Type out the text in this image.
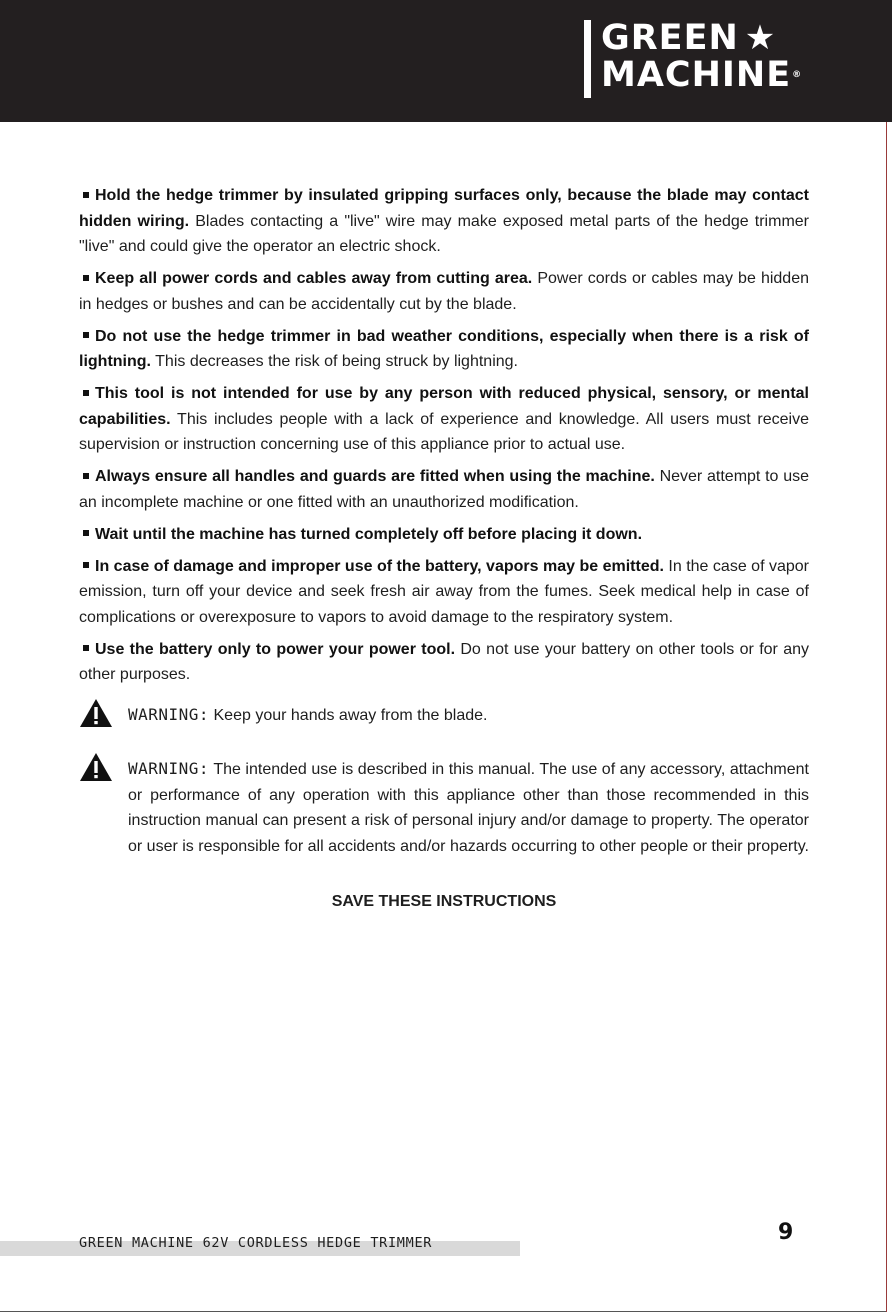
GREEN ★
MACHINE®

Hold the hedge trimmer by insulated gripping surfaces only, because the blade may contact hidden wiring. Blades contacting a "live" wire may make exposed metal parts of the hedge trimmer "live" and could give the operator an electric shock.

Keep all power cords and cables away from cutting area. Power cords or cables may be hidden in hedges or bushes and can be accidentally cut by the blade.

Do not use the hedge trimmer in bad weather conditions, especially when there is a risk of lightning. This decreases the risk of being struck by lightning.

This tool is not intended for use by any person with reduced physical, sensory, or mental capabilities. This includes people with a lack of experience and knowledge. All users must receive supervision or instruction concerning use of this appliance prior to actual use.

Always ensure all handles and guards are fitted when using the machine. Never attempt to use an incomplete machine or one fitted with an unauthorized modification.

Wait until the machine has turned completely off before placing it down.

In case of damage and improper use of the battery, vapors may be emitted. In the case of vapor emission, turn off your device and seek fresh air away from the fumes. Seek medical help in case of complications or overexposure to vapors to avoid damage to the respiratory system.

Use the battery only to power your power tool. Do not use your battery on other tools or for any other purposes.

WARNING: Keep your hands away from the blade.
WARNING: The intended use is described in this manual. The use of any accessory, attachment or performance of any operation with this appliance other than those recommended in this instruction manual can present a risk of personal injury and/or damage to property. The operator or user is responsible for all accidents and/or hazards occurring to other people or their property.
SAVE THESE INSTRUCTIONS
GREEN MACHINE 62V CORDLESS HEDGE TRIMMER	9
